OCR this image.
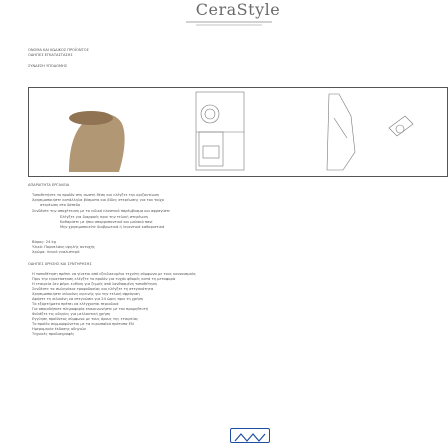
CeraStyle
ΟΝΟΜΑ ΚΑΙ ΚΩΔΙΚΟΣ ΠΡΟΪΟΝΤΟΣ
ΟΔΗΓΙΕΣ ΕΓΚΑΤΑΣΤΑΣΗΣ
ΣΥΝΔΕΣΗ ΥΠΟΔΟΜΗΣ
ΑΠΑΡΑΙΤΗΤΑ ΕΡΓΑΛΕΙΑ
Τοποθετήστε το προϊόν στη σωστή θέση και ελέγξτε την οριζοντίωση
Χρησιμοποιήστε κατάλληλα βύσματα και βίδες στερέωσης για τον τοίχο
στερέωση στο δάπεδο
Συνδέστε την αποχέτευση με το ειδικό ελαστικό παρέμβυσμα και σφραγίστε
Ελέγξτε για διαρροές πριν την τελική στερέωση
Καθαρίστε με ήπιο απορρυπαντικό και μαλακό πανί
Μην χρησιμοποιείτε διαβρωτικά ή λειαντικά καθαριστικά
Βάρος: 24 kg
Υλικό: Πορσελάνη υψηλής αντοχής
Χρώμα: Λευκό γυαλιστερό
ΟΔΗΓΙΕΣ ΧΡΗΣΗΣ ΚΑΙ ΣΥΝΤΗΡΗΣΗΣ
Η τοποθέτηση πρέπει να γίνεται από εξειδικευμένο τεχνίτη σύμφωνα με τους κανονισμούς
Πριν την εγκατάσταση ελέγξτε το προϊόν για τυχόν φθορές κατά τη μεταφορά
Η εταιρεία δεν φέρει ευθύνη για ζημιές από λανθασμένη τοποθέτηση
Συνδέστε τα σωληνάκια τροφοδοσίας και ελέγξτε τη στεγανότητα
Χρησιμοποιήστε σιλικόνη υγιεινής για την τελική σφράγιση
Αφήστε τη σιλικόνη να στεγνώσει για 24 ώρες πριν τη χρήση
Τα εξαρτήματα πρέπει να ελέγχονται περιοδικά
Για οποιαδήποτε πληροφορία επικοινωνήστε με τον προμηθευτή
Φυλάξτε τις οδηγίες για μελλοντική χρήση
Εγγύηση προϊόντος σύμφωνα με τους όρους της εταιρείας
Το προϊόν συμμορφώνεται με τα ευρωπαϊκά πρότυπα EN
Ημερομηνία έκδοσης οδηγιών
Τεχνικές προδιαγραφές
